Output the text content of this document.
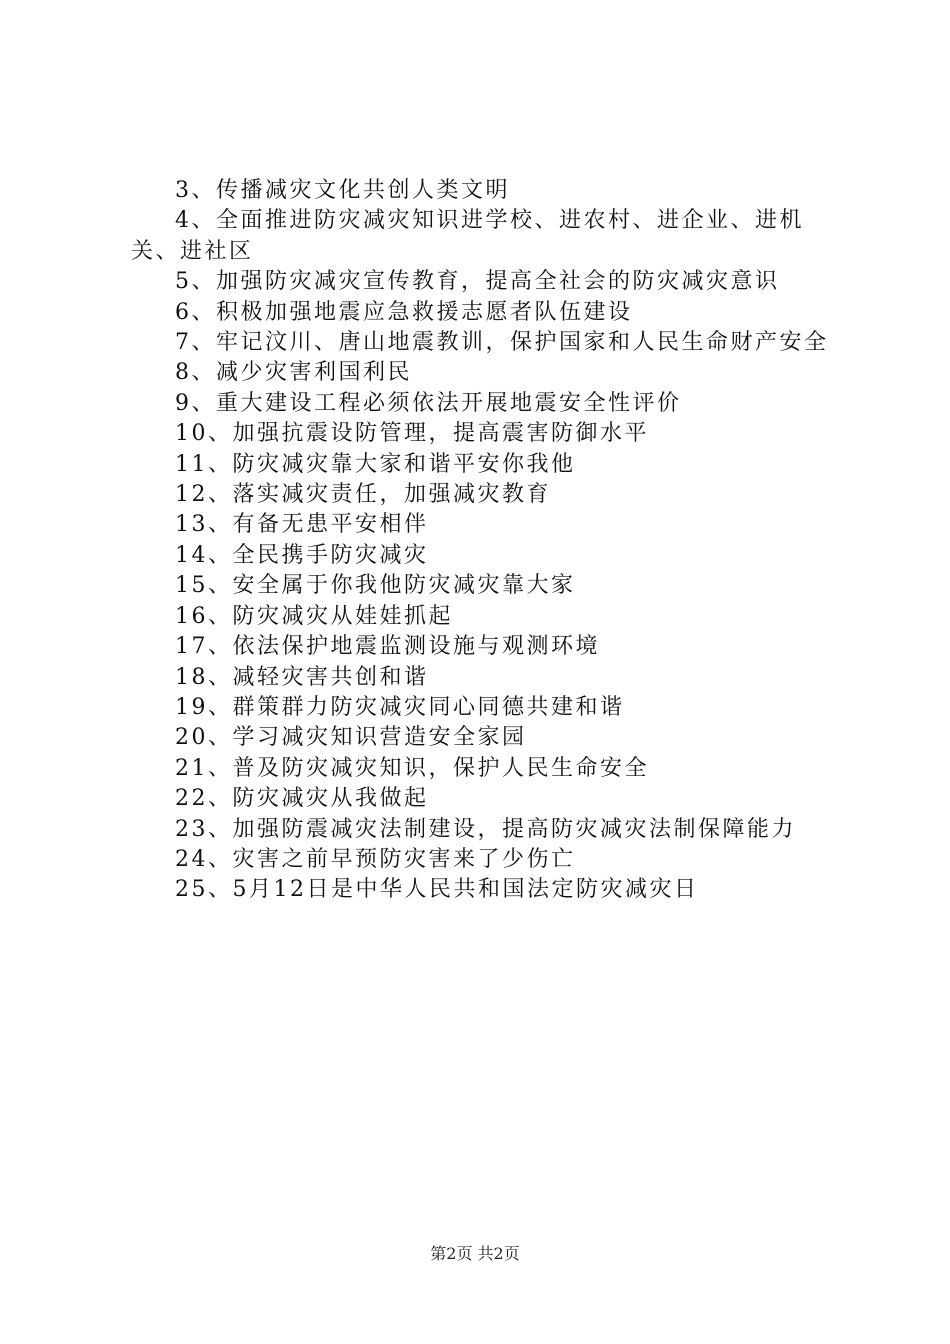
3、传播减灾文化共创人类文明

4、全面推进防灾减灾知识进学校、进农村、进企业、进机关、进社区

5、加强防灾减灾宣传教育，提高全社会的防灾减灾意识

6、积极加强地震应急救援志愿者队伍建设

7、牢记汶川、唐山地震教训，保护国家和人民生命财产安全

8、减少灾害利国利民

9、重大建设工程必须依法开展地震安全性评价

10、加强抗震设防管理，提高震害防御水平

11、防灾减灾靠大家和谐平安你我他

12、落实减灾责任，加强减灾教育

13、有备无患平安相伴

14、全民携手防灾减灾

15、安全属于你我他防灾减灾靠大家

16、防灾减灾从娃娃抓起

17、依法保护地震监测设施与观测环境

18、减轻灾害共创和谐

19、群策群力防灾减灾同心同德共建和谐

20、学习减灾知识营造安全家园

21、普及防灾减灾知识，保护人民生命安全

22、防灾减灾从我做起

23、加强防震减灾法制建设，提高防灾减灾法制保障能力

24、灾害之前早预防灾害来了少伤亡

25、5月12日是中华人民共和国法定防灾减灾日

第2页 共2页
